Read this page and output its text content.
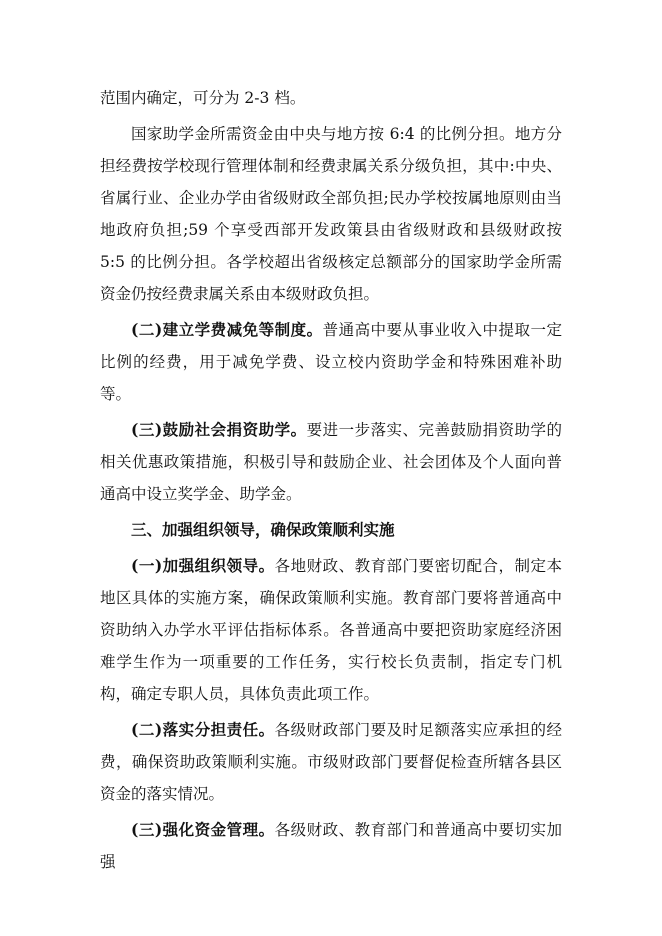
范围内确定，可分为 2-3 档。

国家助学金所需资金由中央与地方按 6:4 的比例分担。地方分担经费按学校现行管理体制和经费隶属关系分级负担，其中:中央、省属行业、企业办学由省级财政全部负担;民办学校按属地原则由当地政府负担;59 个享受西部开发政策县由省级财政和县级财政按 5:5 的比例分担。各学校超出省级核定总额部分的国家助学金所需资金仍按经费隶属关系由本级财政负担。

(二)建立学费减免等制度。普通高中要从事业收入中提取一定比例的经费，用于减免学费、设立校内资助学金和特殊困难补助等。

(三)鼓励社会捐资助学。要进一步落实、完善鼓励捐资助学的相关优惠政策措施，积极引导和鼓励企业、社会团体及个人面向普通高中设立奖学金、助学金。

三、加强组织领导，确保政策顺利实施

(一)加强组织领导。各地财政、教育部门要密切配合，制定本地区具体的实施方案，确保政策顺利实施。教育部门要将普通高中资助纳入办学水平评估指标体系。各普通高中要把资助家庭经济困难学生作为一项重要的工作任务，实行校长负责制，指定专门机构，确定专职人员，具体负责此项工作。

(二)落实分担责任。各级财政部门要及时足额落实应承担的经费，确保资助政策顺利实施。市级财政部门要督促检查所辖各县区资金的落实情况。

(三)强化资金管理。各级财政、教育部门和普通高中要切实加强
